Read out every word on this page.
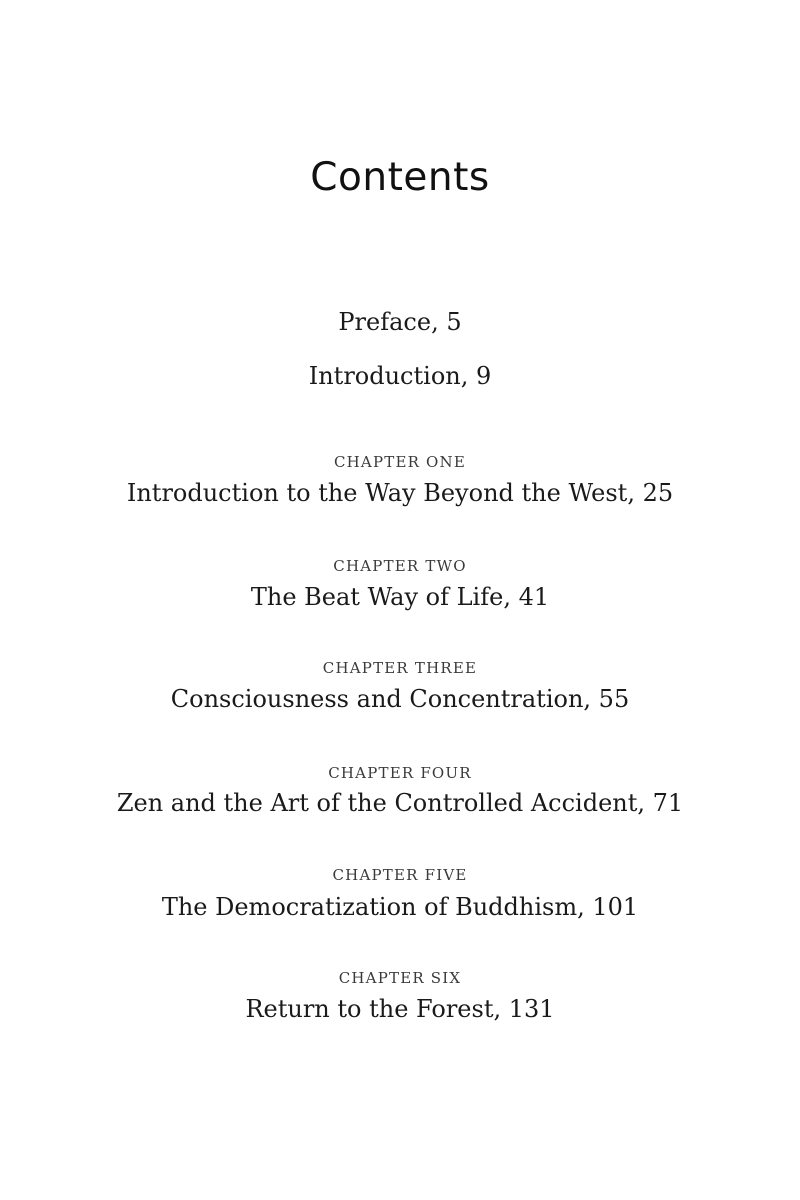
Contents
Preface, 5
Introduction, 9
CHAPTER ONE
Introduction to the Way Beyond the West, 25
CHAPTER TWO
The Beat Way of Life, 41
CHAPTER THREE
Consciousness and Concentration, 55
CHAPTER FOUR
Zen and the Art of the Controlled Accident, 71
CHAPTER FIVE
The Democratization of Buddhism, 101
CHAPTER SIX
Return to the Forest, 131
